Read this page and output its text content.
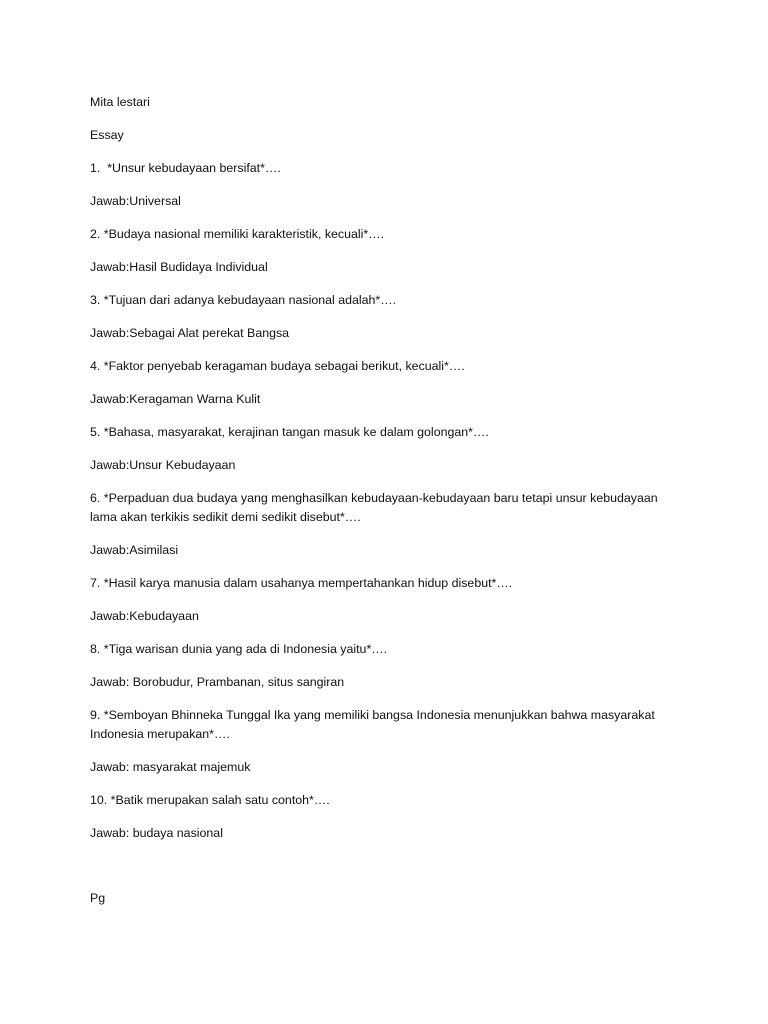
Mita lestari

Essay

1.  *Unsur kebudayaan bersifat*….

Jawab:Universal

2. *Budaya nasional memiliki karakteristik, kecuali*….

Jawab:Hasil Budidaya Individual

3. *Tujuan dari adanya kebudayaan nasional adalah*….

Jawab:Sebagai Alat perekat Bangsa

4. *Faktor penyebab keragaman budaya sebagai berikut, kecuali*….

Jawab:Keragaman Warna Kulit

5. *Bahasa, masyarakat, kerajinan tangan masuk ke dalam golongan*….

Jawab:Unsur Kebudayaan

6. *Perpaduan dua budaya yang menghasilkan kebudayaan-kebudayaan baru tetapi unsur kebudayaan lama akan terkikis sedikit demi sedikit disebut*….

Jawab:Asimilasi

7. *Hasil karya manusia dalam usahanya mempertahankan hidup disebut*….

Jawab:Kebudayaan

8. *Tiga warisan dunia yang ada di Indonesia yaitu*….

Jawab: Borobudur, Prambanan, situs sangiran

9. *Semboyan Bhinneka Tunggal Ika yang memiliki bangsa Indonesia menunjukkan bahwa masyarakat Indonesia merupakan*….

Jawab: masyarakat majemuk

10. *Batik merupakan salah satu contoh*….

Jawab: budaya nasional

Pg
